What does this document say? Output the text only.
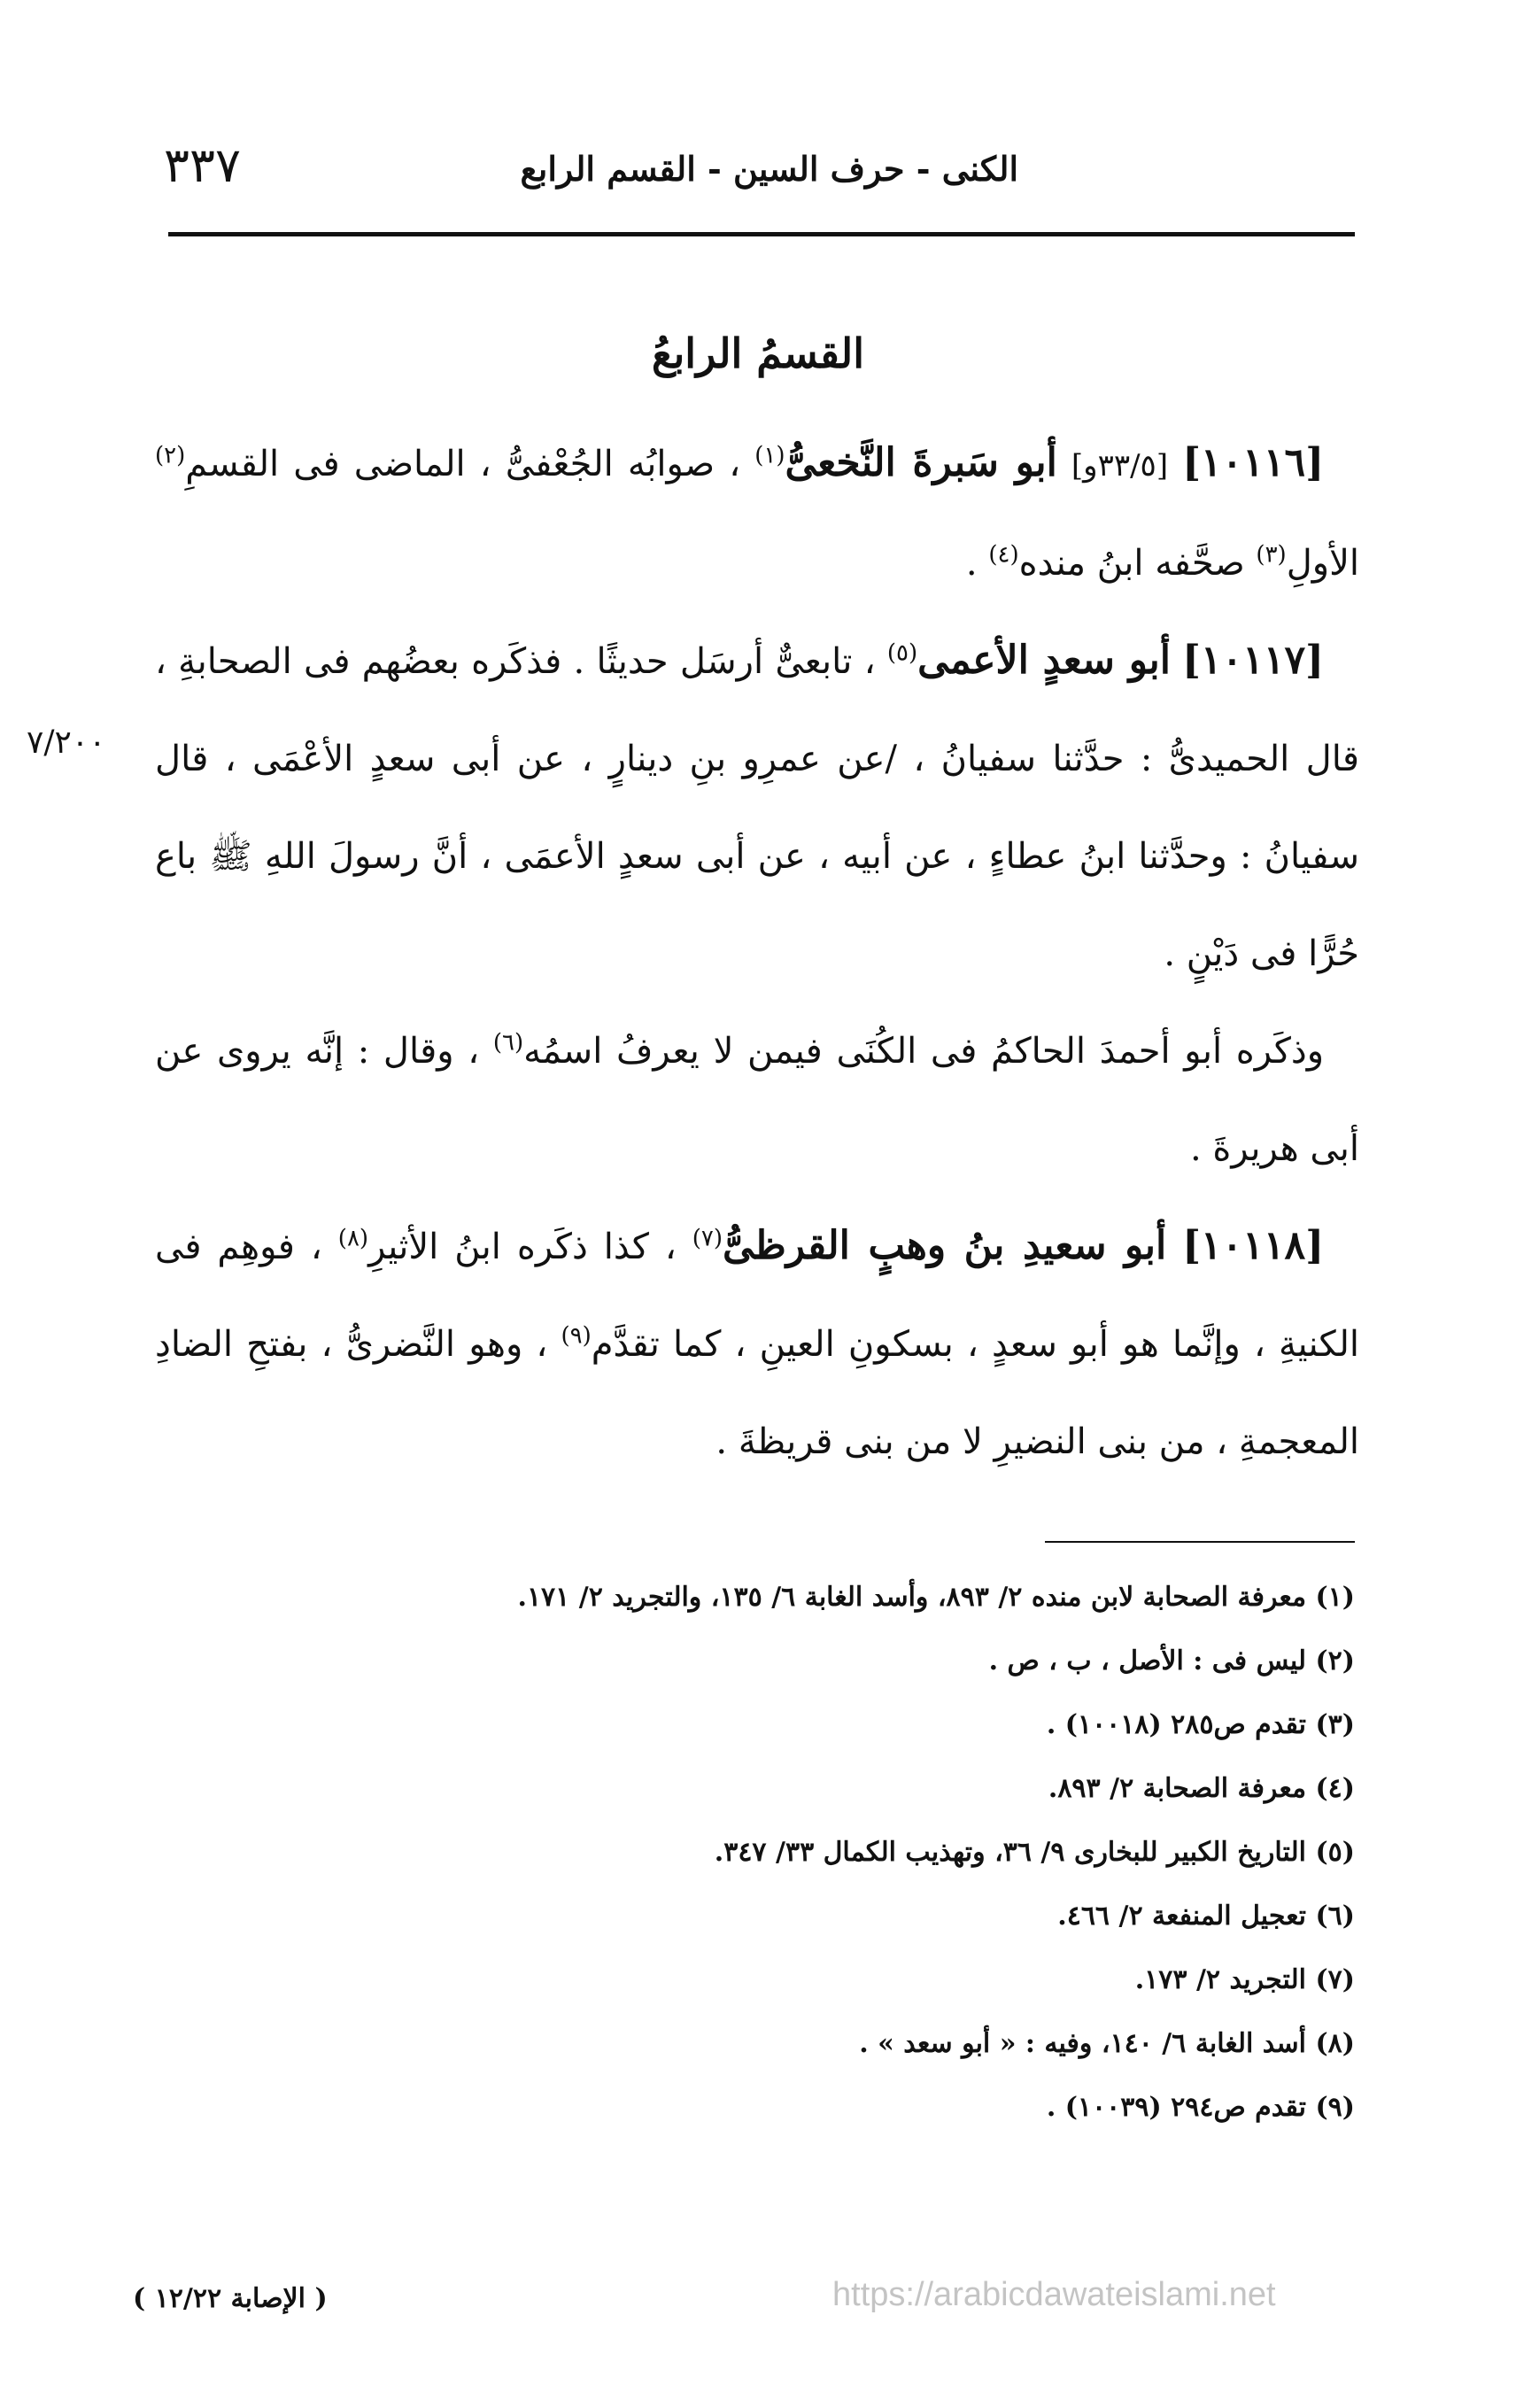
الكنى - حرف السين - القسم الرابع
٣٣٧
القسمُ الرابعُ

[١٠١١٦] [٣٣/٥و] أبو سَبرةَ النَّخعىُّ$^{(١)}$ ، صوابُه الجُعْفىُّ ، الماضى فى القسمِ$^{(٢)}$ الأولِ$^{(٣)}$ صحَّفه ابنُ منده$^{(٤)}$ .

[١٠١١٧] أبو سعدٍ الأعمى$^{(٥)}$ ، تابعىٌّ أرسَل حديثًا . فذكَره بعضُهم فى الصحابةِ ، قال الحميدىُّ : حدَّثنا سفيانُ ، /عن عمرِو بنِ دينارٍ ، عن أبى سعدٍ الأعْمَى ، قال سفيانُ : وحدَّثنا ابنُ عطاءٍ ، عن أبيه ، عن أبى سعدٍ الأعمَى ، أنَّ رسولَ اللهِ ﷺ باع حُرًّا فى دَيْنٍ .

وذكَره أبو أحمدَ الحاكمُ فى الكُنَى فيمن لا يعرفُ اسمُه$^{(٦)}$ ، وقال : إنَّه يروى عن أبى هريرةَ .

[١٠١١٨] أبو سعيدِ بنُ وهبٍ القرظىُّ$^{(٧)}$ ، كذا ذكَره ابنُ الأثيرِ$^{(٨)}$ ، فوهِم فى الكنيةِ ، وإنَّما هو أبو سعدٍ ، بسكونِ العينِ ، كما تقدَّم$^{(٩)}$ ، وهو النَّضرىُّ ، بفتحِ الضادِ المعجمةِ ، من بنى النضيرِ لا من بنى قريظةَ .

٧/٢٠٠
(١) معرفة الصحابة لابن منده ٢/ ٨٩٣، وأسد الغابة ٦/ ١٣٥، والتجريد ٢/ ١٧١.
(٢) ليس فى : الأصل ، ب ، ص .
(٣) تقدم ص٢٨٥ (١٠٠١٨) .
(٤) معرفة الصحابة ٢/ ٨٩٣.
(٥) التاريخ الكبير للبخارى ٩/ ٣٦، وتهذيب الكمال ٣٣/ ٣٤٧.
(٦) تعجيل المنفعة ٢/ ٤٦٦.
(٧) التجريد ٢/ ١٧٣.
(٨) أسد الغابة ٦/ ١٤٠، وفيه : « أبو سعد » .
(٩) تقدم ص٢٩٤ (١٠٠٣٩) .
( الإصابة ١٢/٢٢ )	https://arabicdawateislami.net
